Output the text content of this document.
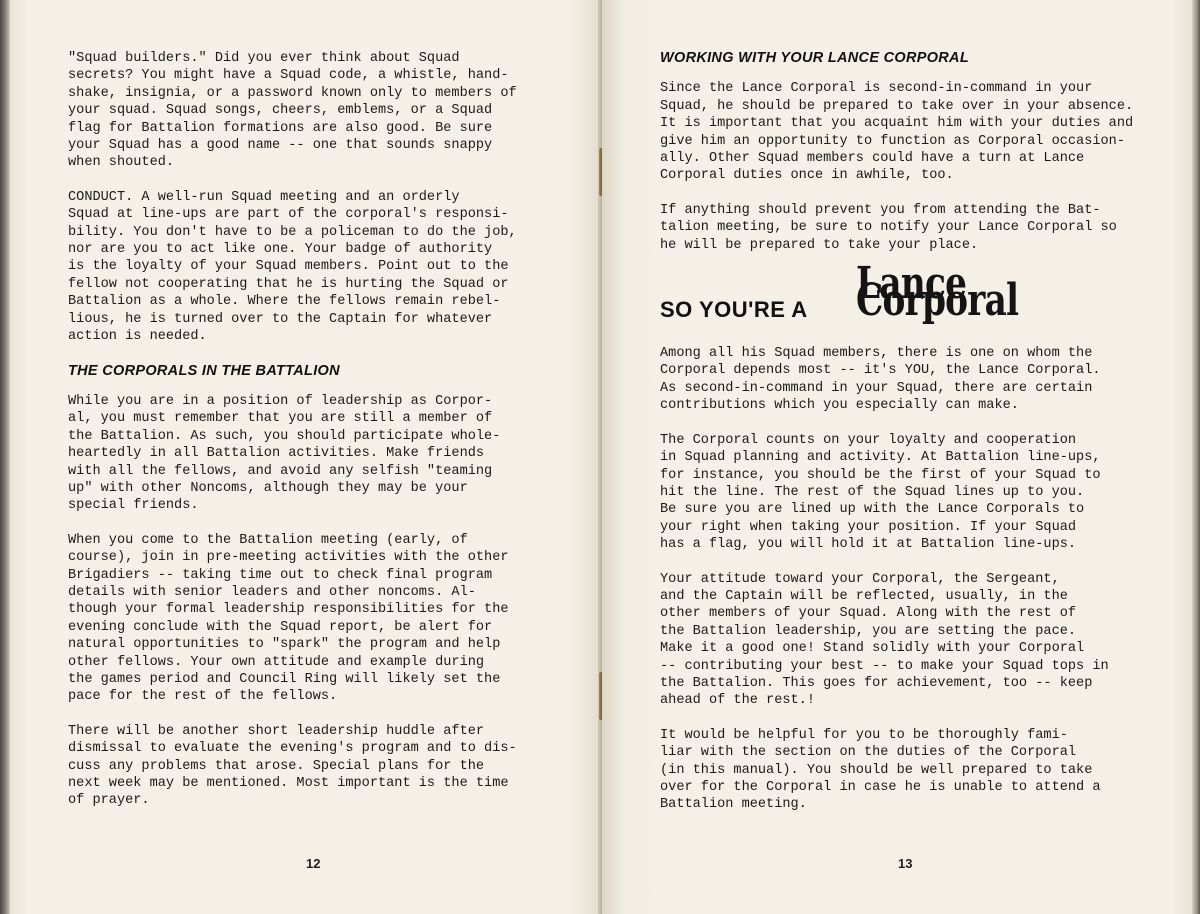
"Squad builders." Did you ever think about Squad
secrets? You might have a Squad code, a whistle, hand-
shake, insignia, or a password known only to members of
your squad. Squad songs, cheers, emblems, or a Squad
flag for Battalion formations are also good. Be sure
your Squad has a good name -- one that sounds snappy
when shouted.

CONDUCT. A well-run Squad meeting and an orderly
Squad at line-ups are part of the corporal's responsi-
bility. You don't have to be a policeman to do the job,
nor are you to act like one. Your badge of authority
is the loyalty of your Squad members. Point out to the
fellow not cooperating that he is hurting the Squad or
Battalion as a whole. Where the fellows remain rebel-
lious, he is turned over to the Captain for whatever
action is needed.

THE CORPORALS IN THE BATTALION

While you are in a position of leadership as Corpor-
al, you must remember that you are still a member of
the Battalion. As such, you should participate whole-
heartedly in all Battalion activities. Make friends
with all the fellows, and avoid any selfish "teaming
up" with other Noncoms, although they may be your
special friends.

When you come to the Battalion meeting (early, of
course), join in pre-meeting activities with the other
Brigadiers -- taking time out to check final program
details with senior leaders and other noncoms. Al-
though your formal leadership responsibilities for the
evening conclude with the Squad report, be alert for
natural opportunities to "spark" the program and help
other fellows. Your own attitude and example during
the games period and Council Ring will likely set the
pace for the rest of the fellows.

There will be another short leadership huddle after
dismissal to evaluate the evening's program and to dis-
cuss any problems that arose. Special plans for the
next week may be mentioned. Most important is the time
of prayer.

12
WORKING WITH YOUR LANCE CORPORAL

Since the Lance Corporal is second-in-command in your
Squad, he should be prepared to take over in your absence.
It is important that you acquaint him with your duties and
give him an opportunity to function as Corporal occasion-
ally. Other Squad members could have a turn at Lance
Corporal duties once in awhile, too.

If anything should prevent you from attending the Bat-
talion meeting, be sure to notify your Lance Corporal so
he will be prepared to take your place.

SO YOU'RE A
Lance Corporal

Among all his Squad members, there is one on whom the
Corporal depends most -- it's YOU, the Lance Corporal.
As second-in-command in your Squad, there are certain
contributions which you especially can make.

The Corporal counts on your loyalty and cooperation
in Squad planning and activity. At Battalion line-ups,
for instance, you should be the first of your Squad to
hit the line. The rest of the Squad lines up to you.
Be sure you are lined up with the Lance Corporals to
your right when taking your position. If your Squad
has a flag, you will hold it at Battalion line-ups.

Your attitude toward your Corporal, the Sergeant,
and the Captain will be reflected, usually, in the
other members of your Squad. Along with the rest of
the Battalion leadership, you are setting the pace.
Make it a good one! Stand solidly with your Corporal
-- contributing your best -- to make your Squad tops in
the Battalion. This goes for achievement, too -- keep
ahead of the rest.!

It would be helpful for you to be thoroughly fami-
liar with the section on the duties of the Corporal
(in this manual). You should be well prepared to take
over for the Corporal in case he is unable to attend a
Battalion meeting.

13
